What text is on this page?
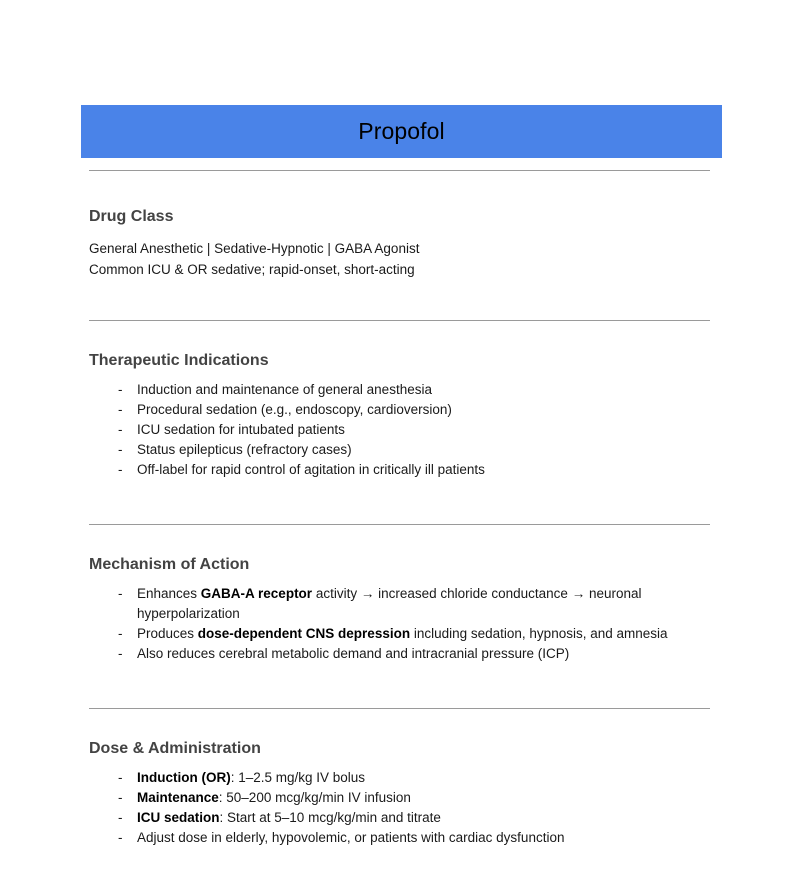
Propofol
Drug Class

General Anesthetic | Sedative-Hypnotic | GABA Agonist

Common ICU & OR sedative; rapid-onset, short-acting

Therapeutic Indications
- Induction and maintenance of general anesthesia
- Procedural sedation (e.g., endoscopy, cardioversion)
- ICU sedation for intubated patients
- Status epilepticus (refractory cases)
- Off-label for rapid control of agitation in critically ill patients
Mechanism of Action
- Enhances GABA-A receptor activity → increased chloride conductance → neuronal hyperpolarization
- Produces dose-dependent CNS depression including sedation, hypnosis, and amnesia
- Also reduces cerebral metabolic demand and intracranial pressure (ICP)
Dose & Administration
- Induction (OR): 1–2.5 mg/kg IV bolus
- Maintenance: 50–200 mcg/kg/min IV infusion
- ICU sedation: Start at 5–10 mcg/kg/min and titrate
- Adjust dose in elderly, hypovolemic, or patients with cardiac dysfunction
